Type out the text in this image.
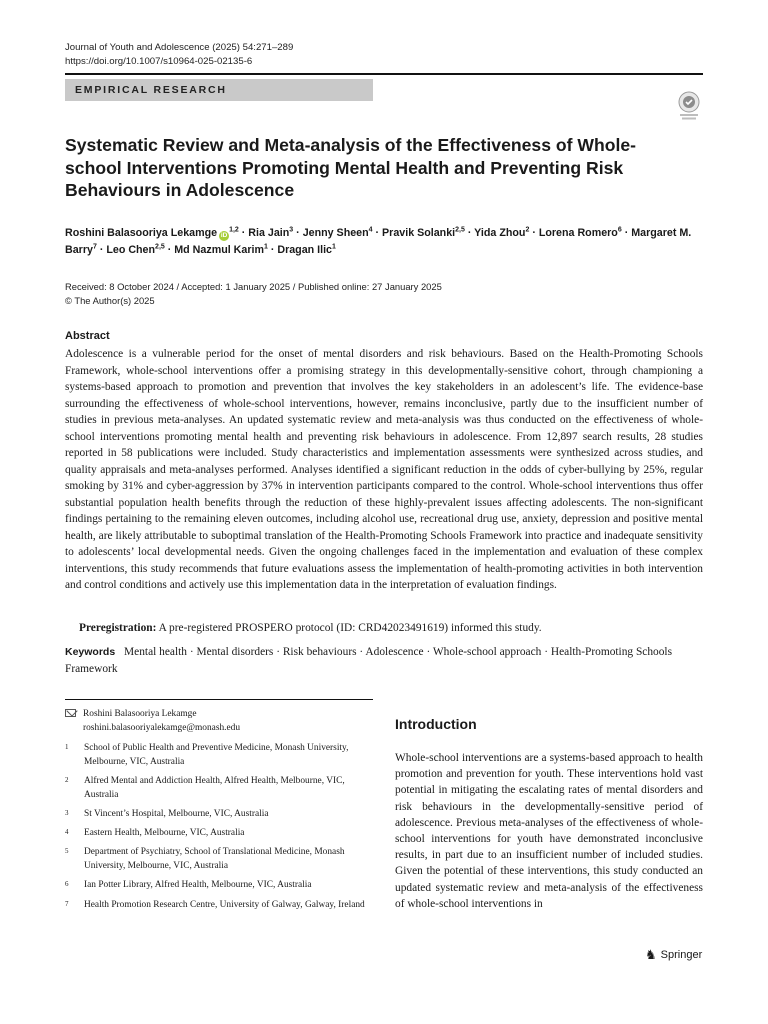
Journal of Youth and Adolescence (2025) 54:271–289
https://doi.org/10.1007/s10964-025-02135-6
EMPIRICAL RESEARCH
Systematic Review and Meta-analysis of the Effectiveness of Whole-school Interventions Promoting Mental Health and Preventing Risk Behaviours in Adolescence
Roshini Balasooriya Lekamge iD$^{1,2}$ · Ria Jain$^3$ · Jenny Sheen$^4$ · Pravik Solanki$^{2,5}$ · Yida Zhou$^2$ · Lorena Romero$^6$ · Margaret M. Barry$^7$ · Leo Chen$^{2,5}$ · Md Nazmul Karim$^1$ · Dragan Ilic$^1$
Received: 8 October 2024 / Accepted: 1 January 2025 / Published online: 27 January 2025
© The Author(s) 2025
Abstract

Adolescence is a vulnerable period for the onset of mental disorders and risk behaviours. Based on the Health-Promoting Schools Framework, whole-school interventions offer a promising strategy in this developmentally-sensitive cohort, through championing a systems-based approach to promotion and prevention that involves the key stakeholders in an adolescent’s life. The evidence-base surrounding the effectiveness of whole-school interventions, however, remains inconclusive, partly due to the insufficient number of studies in previous meta-analyses. An updated systematic review and meta-analysis was thus conducted on the effectiveness of whole-school interventions promoting mental health and preventing risk behaviours in adolescence. From 12,897 search results, 28 studies reported in 58 publications were included. Study characteristics and implementation assessments were synthesized across studies, and quality appraisals and meta-analyses performed. Analyses identified a significant reduction in the odds of cyber-bullying by 25%, regular smoking by 31% and cyber-aggression by 37% in intervention participants compared to the control. Whole-school interventions thus offer substantial population health benefits through the reduction of these highly-prevalent issues affecting adolescents. The non-significant findings pertaining to the remaining eleven outcomes, including alcohol use, recreational drug use, anxiety, depression and positive mental health, are likely attributable to suboptimal translation of the Health-Promoting Schools Framework into practice and inadequate sensitivity to adolescents’ local developmental needs. Given the ongoing challenges faced in the implementation and evaluation of these complex interventions, this study recommends that future evaluations assess the implementation of health-promoting activities in both intervention and control conditions and actively use this implementation data in the interpretation of evaluation findings.

Preregistration: A pre-registered PROSPERO protocol (ID: CRD42023491619) informed this study.

Keywords Mental health · Mental disorders · Risk behaviours · Adolescence · Whole-school approach · Health-Promoting Schools Framework

Roshini Balasooriya Lekamge
roshini.balasooriyalekamge@monash.edu
1 School of Public Health and Preventive Medicine, Monash University, Melbourne, VIC, Australia
2 Alfred Mental and Addiction Health, Alfred Health, Melbourne, VIC, Australia
3 St Vincent’s Hospital, Melbourne, VIC, Australia
4 Eastern Health, Melbourne, VIC, Australia
5 Department of Psychiatry, School of Translational Medicine, Monash University, Melbourne, VIC, Australia
6 Ian Potter Library, Alfred Health, Melbourne, VIC, Australia
7 Health Promotion Research Centre, University of Galway, Galway, Ireland
Introduction

Whole-school interventions are a systems-based approach to health promotion and prevention for youth. These interventions hold vast potential in mitigating the escalating rates of mental disorders and risk behaviours in the developmentally-sensitive period of adolescence. Previous meta-analyses of the effectiveness of whole-school interventions for youth have demonstrated inconclusive results, in part due to an insufficient number of included studies. Given the potential of these interventions, this study conducted an updated systematic review and meta-analysis of the effectiveness of whole-school interventions in

♞ Springer
